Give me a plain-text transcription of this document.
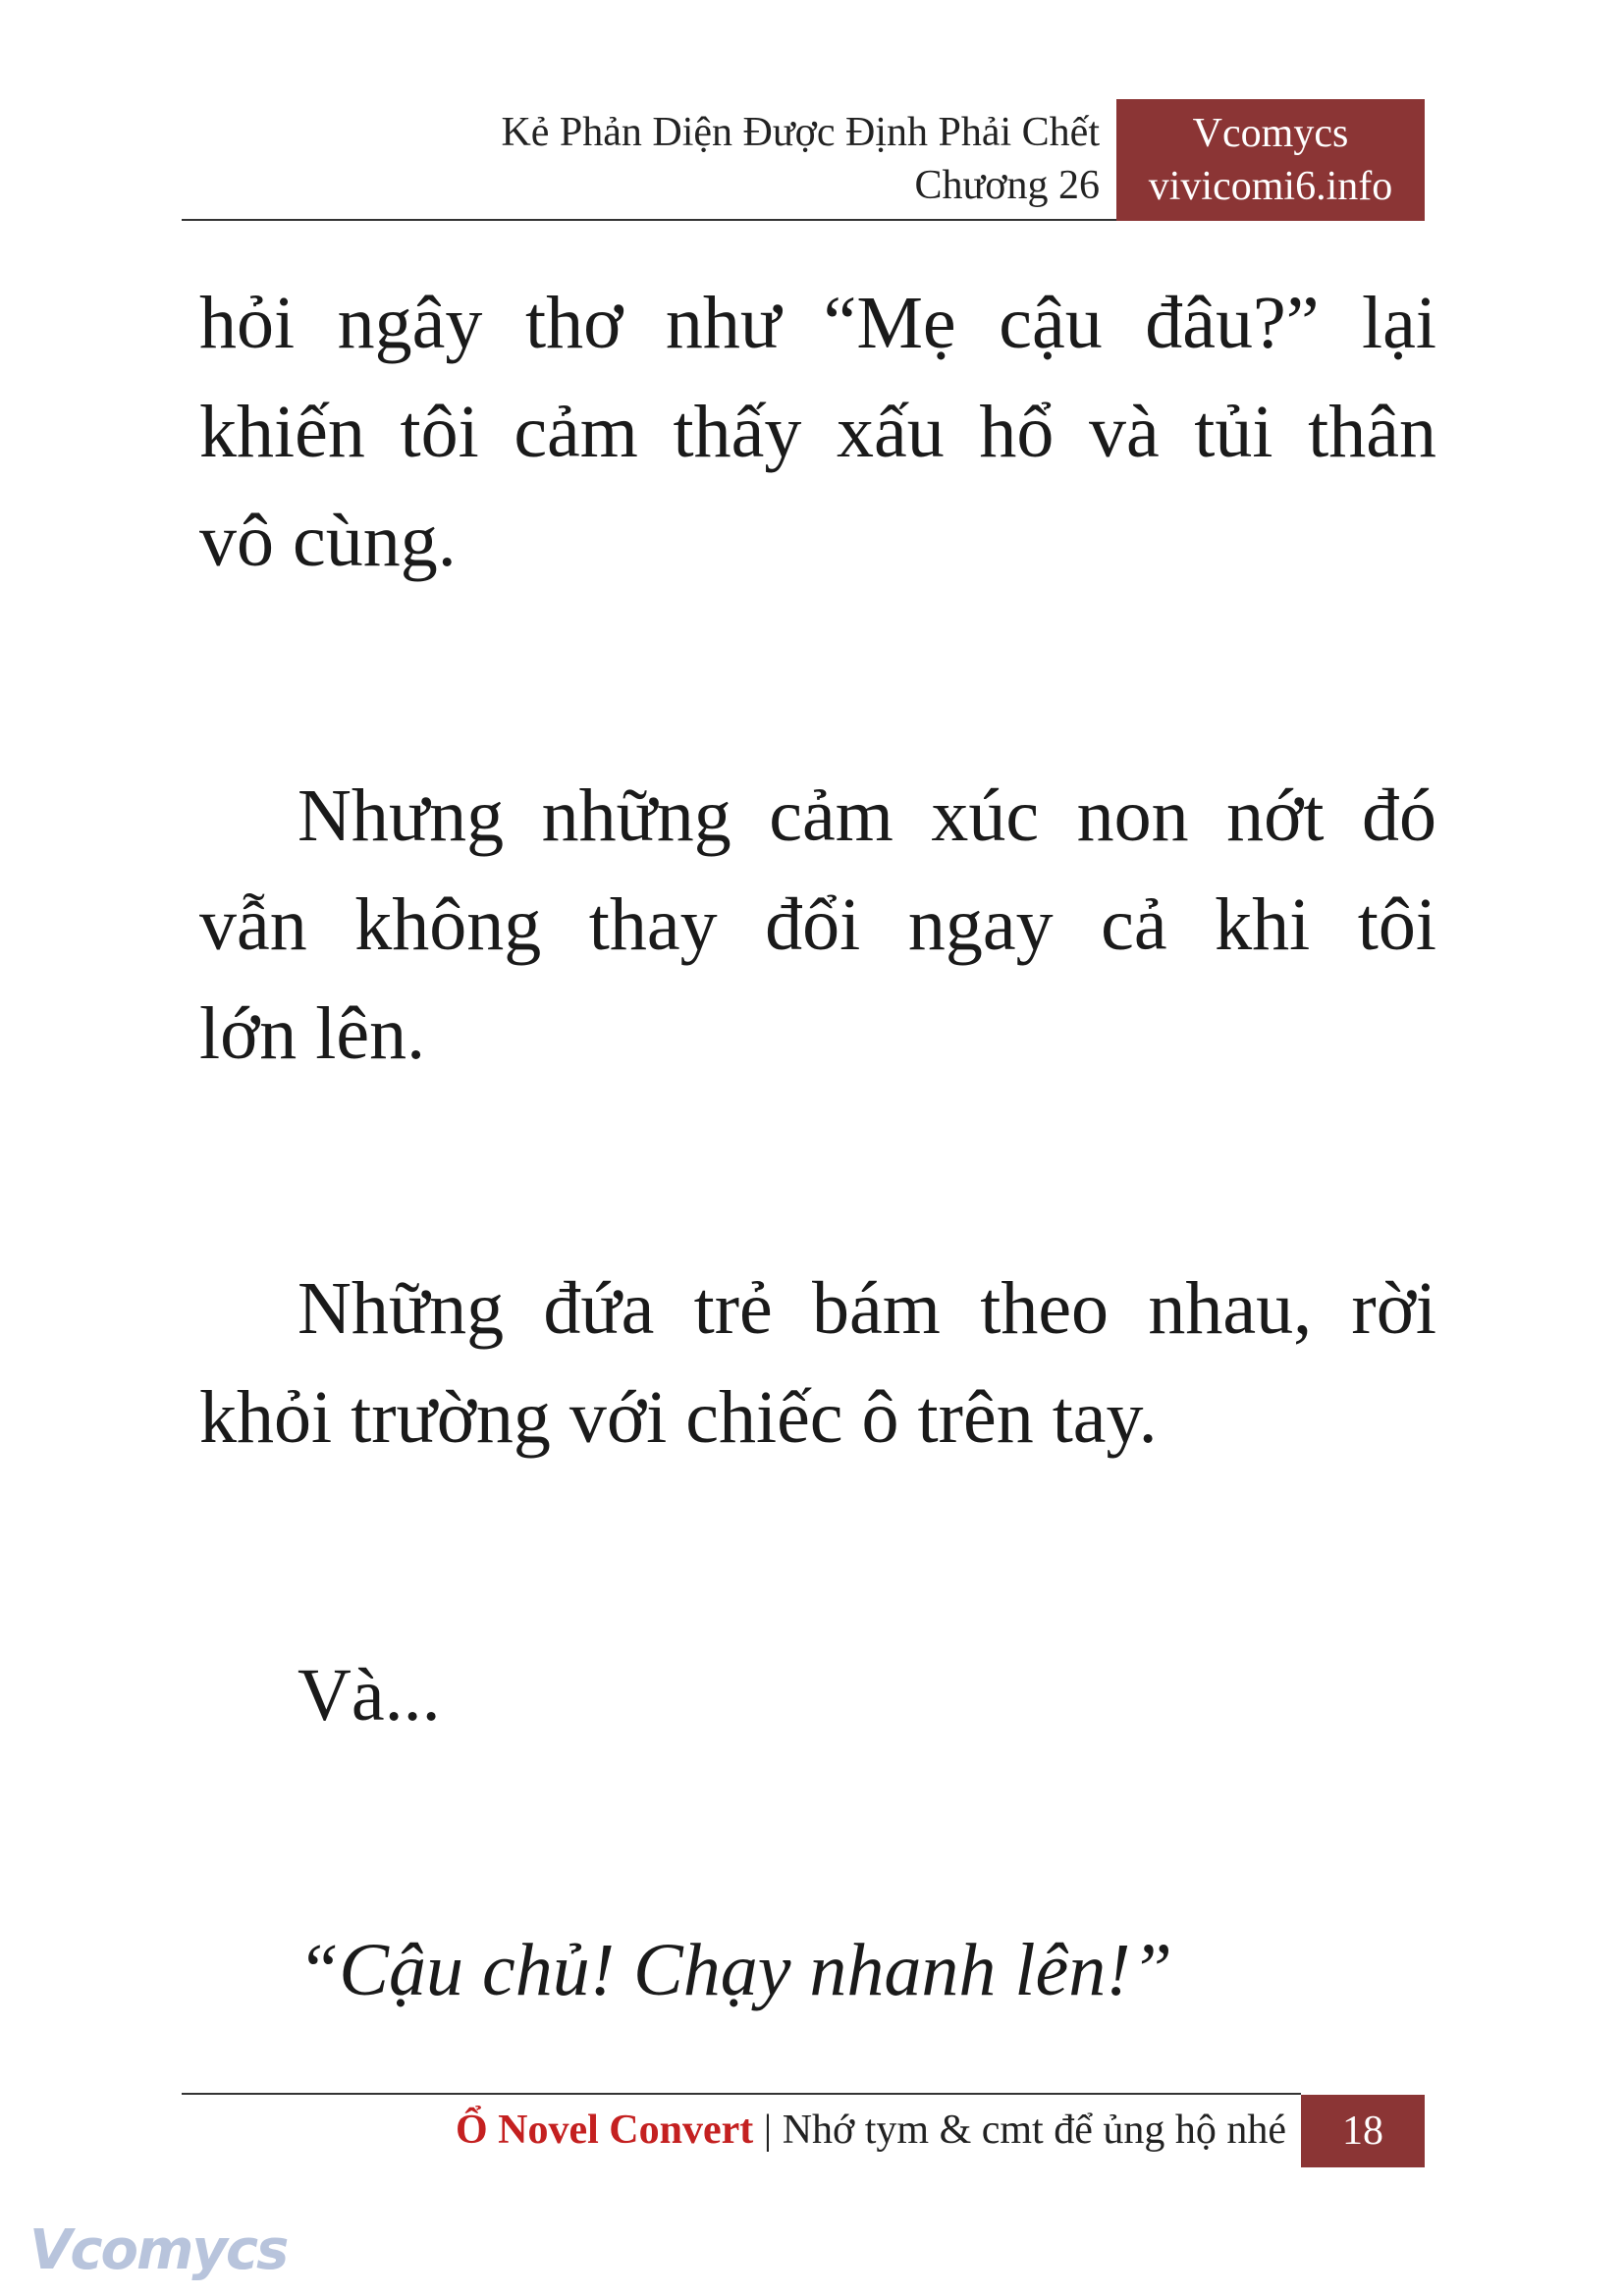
Kẻ Phản Diện Được Định Phải Chết
Chương 26
Vcomycs
vivicomi6.info
hỏi ngây thơ như “Mẹ cậu đâu?” lại
khiến tôi cảm thấy xấu hổ và tủi thân
vô cùng.
Nhưng những cảm xúc non nớt đó
vẫn không thay đổi ngay cả khi tôi
lớn lên.
Những đứa trẻ bám theo nhau, rời
khỏi trường với chiếc ô trên tay.
Và...
“Cậu chủ! Chạy nhanh lên!”
Ổ Novel Convert | Nhớ tym & cmt để ủng hộ nhé	18
Vcomycs
